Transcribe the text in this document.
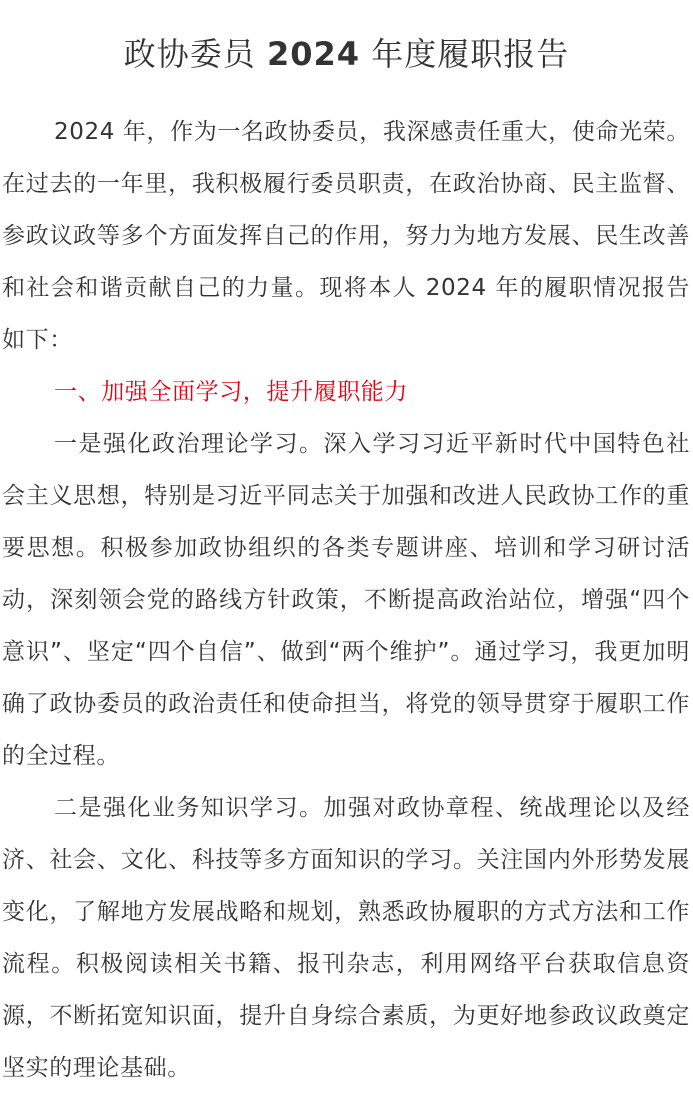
政协委员 2024 年度履职报告

2024 年，作为一名政协委员，我深感责任重大，使命光荣。在过去的一年里，我积极履行委员职责，在政治协商、民主监督、参政议政等多个方面发挥自己的作用，努力为地方发展、民生改善和社会和谐贡献自己的力量。现将本人 2024 年的履职情况报告如下：

一、加强全面学习，提升履职能力

一是强化政治理论学习。深入学习习近平新时代中国特色社会主义思想，特别是习近平同志关于加强和改进人民政协工作的重要思想。积极参加政协组织的各类专题讲座、培训和学习研讨活动，深刻领会党的路线方针政策，不断提高政治站位，增强“四个意识”、坚定“四个自信”、做到“两个维护”。通过学习，我更加明确了政协委员的政治责任和使命担当，将党的领导贯穿于履职工作的全过程。

二是强化业务知识学习。加强对政协章程、统战理论以及经济、社会、文化、科技等多方面知识的学习。关注国内外形势发展变化，了解地方发展战略和规划，熟悉政协履职的方式方法和工作流程。积极阅读相关书籍、报刊杂志，利用网络平台获取信息资源，不断拓宽知识面，提升自身综合素质，为更好地参政议政奠定坚实的理论基础。
